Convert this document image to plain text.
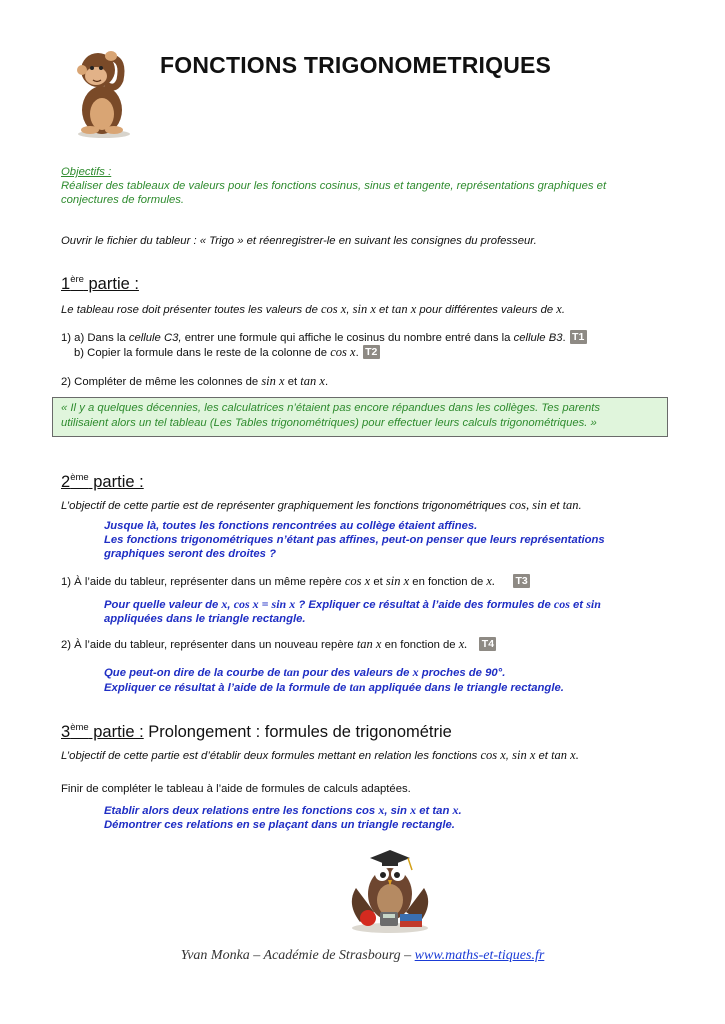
FONCTIONS TRIGONOMETRIQUES
Objectifs :
Réaliser des tableaux de valeurs pour les fonctions cosinus, sinus et tangente, représentations graphiques et
conjectures de formules.
Ouvrir le fichier du tableur : « Trigo » et réenregistrer-le en suivant les consignes du professeur.
1ère partie :
Le tableau rose doit présenter toutes les valeurs de cos x, sin x et tan x pour différentes valeurs de x.
1) a) Dans la cellule C3, entrer une formule qui affiche le cosinus du nombre entré dans la cellule B3. T1
b) Copier la formule dans le reste de la colonne de cos x. T2
2) Compléter de même les colonnes de sin x et tan x.
« Il y a quelques décennies, les calculatrices n’étaient pas encore répandues dans les collèges. Tes parents
utilisaient alors un tel tableau (Les Tables trigonométriques) pour effectuer leurs calculs trigonométriques. »
2ème partie :
L’objectif de cette partie est de représenter graphiquement les fonctions trigonométriques cos, sin et tan.
Jusque là, toutes les fonctions rencontrées au collège étaient affines.
Les fonctions trigonométriques n’étant pas affines, peut-on penser que leurs représentations
graphiques seront des droites ?
1) À l’aide du tableur, représenter dans un même repère cos x et sin x en fonction de x. T3
Pour quelle valeur de x, cos x = sin x ? Expliquer ce résultat à l’aide des formules de cos et sin
appliquées dans le triangle rectangle.
2) À l’aide du tableur, représenter dans un nouveau repère tan x en fonction de x. T4
Que peut-on dire de la courbe de tan pour des valeurs de x proches de 90°.
Expliquer ce résultat à l’aide de la formule de tan appliquée dans le triangle rectangle.
3ème partie : Prolongement : formules de trigonométrie
L’objectif de cette partie est d’établir deux formules mettant en relation les fonctions cos x, sin x et tan x.
Finir de compléter le tableau à l’aide de formules de calculs adaptées.
Etablir alors deux relations entre les fonctions cos x, sin x et tan x.
Démontrer ces relations en se plaçant dans un triangle rectangle.
Yvan Monka – Académie de Strasbourg – www.maths-et-tiques.fr
